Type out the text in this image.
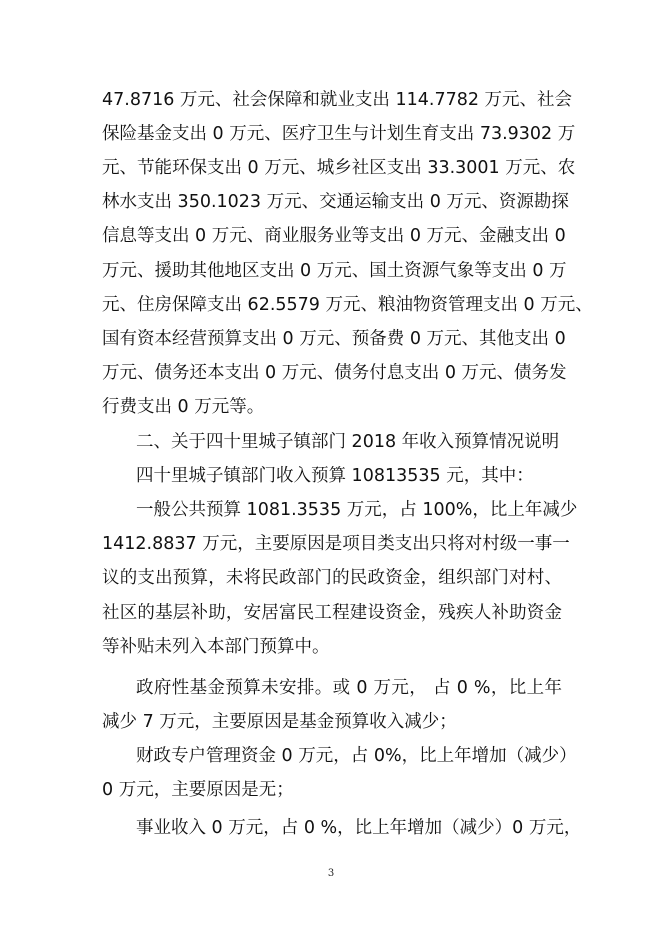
47.8716 万元、社会保障和就业支出 114.7782 万元、社会
保险基金支出 0 万元、医疗卫生与计划生育支出 73.9302 万
元、节能环保支出 0 万元、城乡社区支出 33.3001 万元、农
林水支出 350.1023 万元、交通运输支出 0 万元、资源勘探
信息等支出 0 万元、商业服务业等支出 0 万元、金融支出 0
万元、援助其他地区支出 0 万元、国土资源气象等支出 0 万
元、住房保障支出 62.5579 万元、粮油物资管理支出 0 万元、
国有资本经营预算支出 0 万元、预备费 0 万元、其他支出 0
万元、债务还本支出 0 万元、债务付息支出 0 万元、债务发
行费支出 0 万元等。
二、关于四十里城子镇部门 2018 年收入预算情况说明
四十里城子镇部门收入预算 10813535 元，其中：
一般公共预算 1081.3535 万元，占 100%，比上年减少
1412.8837 万元，主要原因是项目类支出只将对村级一事一
议的支出预算，未将民政部门的民政资金，组织部门对村、
社区的基层补助，安居富民工程建设资金，残疾人补助资金
等补贴未列入本部门预算中。
政府性基金预算未安排。或 0 万元， 占 0 %，比上年
减少 7 万元，主要原因是基金预算收入减少；
财政专户管理资金 0 万元，占 0%，比上年增加（减少）
0 万元，主要原因是无；
事业收入 0 万元，占 0 %，比上年增加（减少）0 万元，
3
